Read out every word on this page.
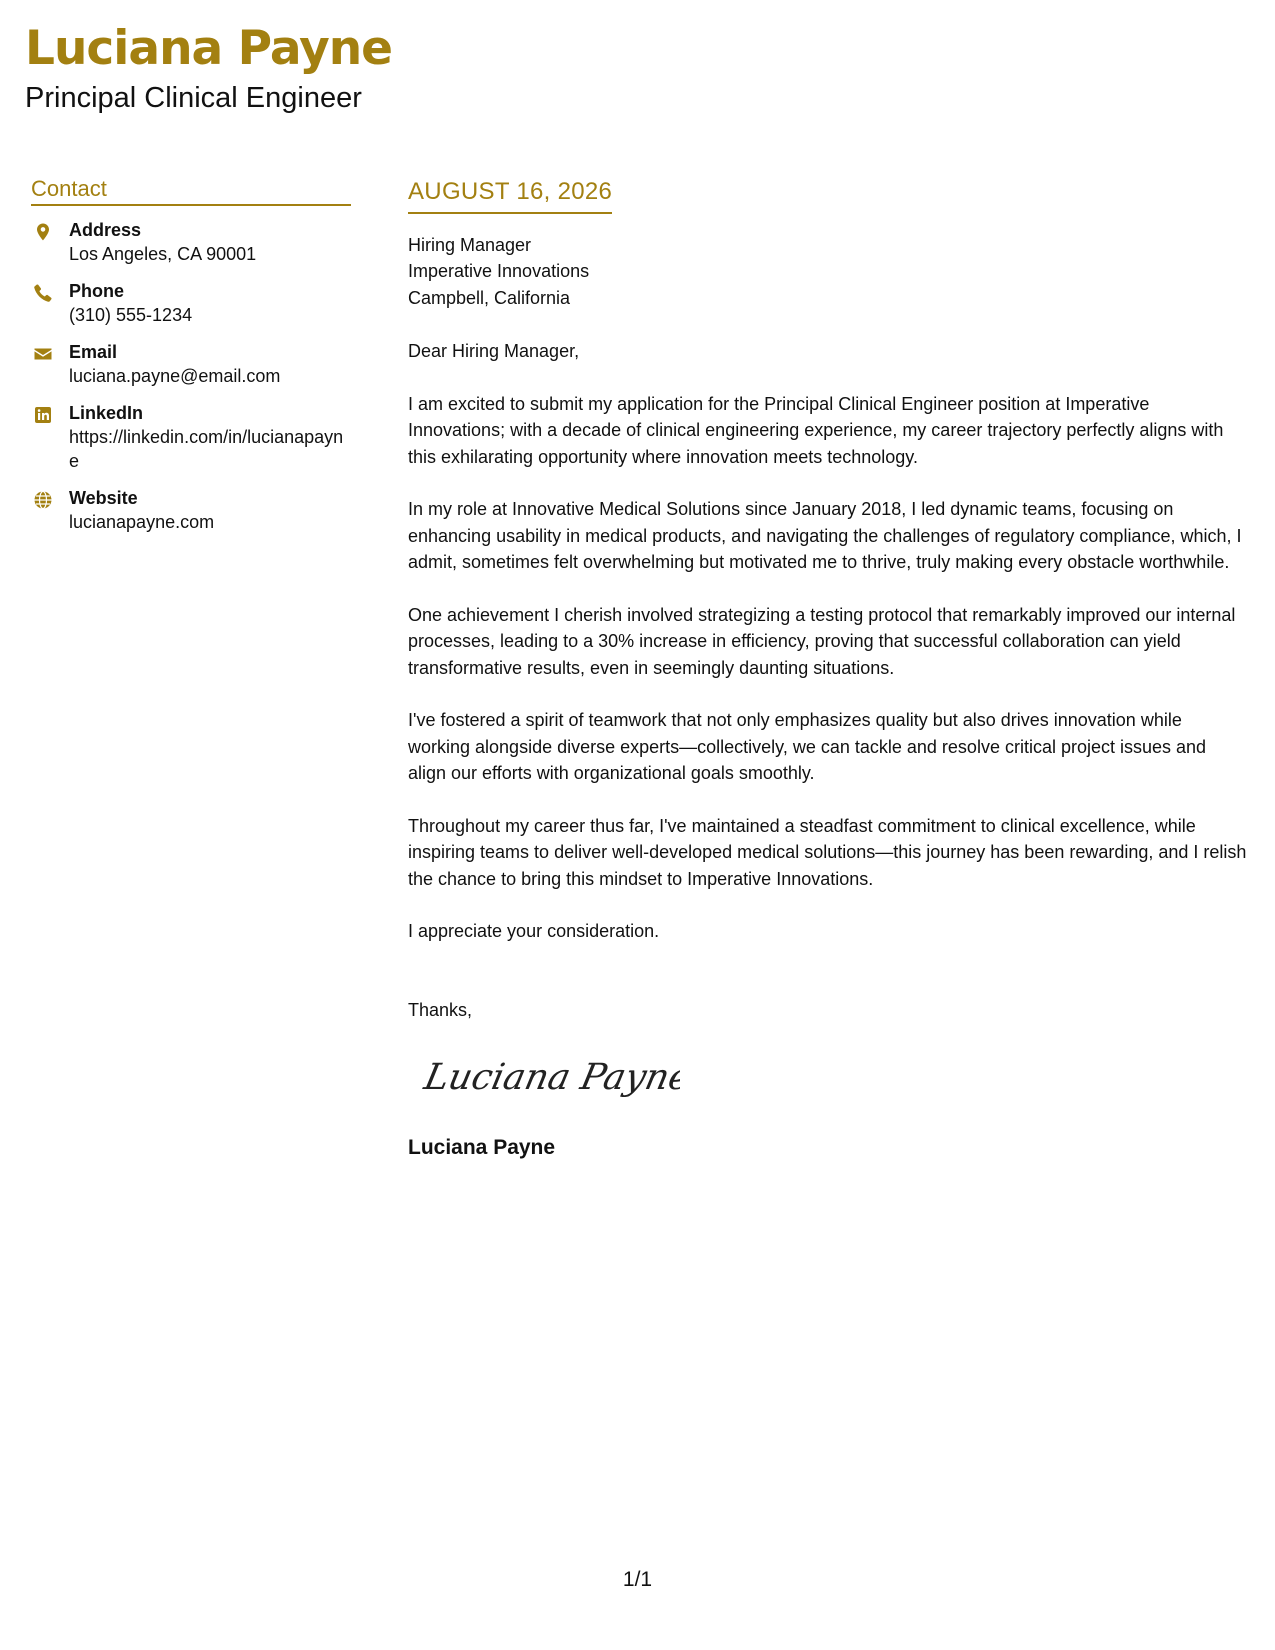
Luciana Payne
Principal Clinical Engineer
Contact
Address
Los Angeles, CA 90001
Phone
(310) 555-1234
Email
luciana.payne@email.com
LinkedIn
https://linkedin.com/in/lucianapayne
Website
lucianapayne.com
AUGUST 16, 2026
Hiring Manager
Imperative Innovations
Campbell, California
Dear Hiring Manager,

I am excited to submit my application for the Principal Clinical Engineer position at Imperative Innovations; with a decade of clinical engineering experience, my career trajectory perfectly aligns with this exhilarating opportunity where innovation meets technology.

In my role at Innovative Medical Solutions since January 2018, I led dynamic teams, focusing on enhancing usability in medical products, and navigating the challenges of regulatory compliance, which, I admit, sometimes felt overwhelming but motivated me to thrive, truly making every obstacle worthwhile.

One achievement I cherish involved strategizing a testing protocol that remarkably improved our internal processes, leading to a 30% increase in efficiency, proving that successful collaboration can yield transformative results, even in seemingly daunting situations.

I've fostered a spirit of teamwork that not only emphasizes quality but also drives innovation while working alongside diverse experts—collectively, we can tackle and resolve critical project issues and align our efforts with organizational goals smoothly.

Throughout my career thus far, I've maintained a steadfast commitment to clinical excellence, while inspiring teams to deliver well-developed medical solutions—this journey has been rewarding, and I relish the chance to bring this mindset to Imperative Innovations.

I appreciate your consideration.

Thanks,
Luciana Payne
Luciana Payne
1/1
